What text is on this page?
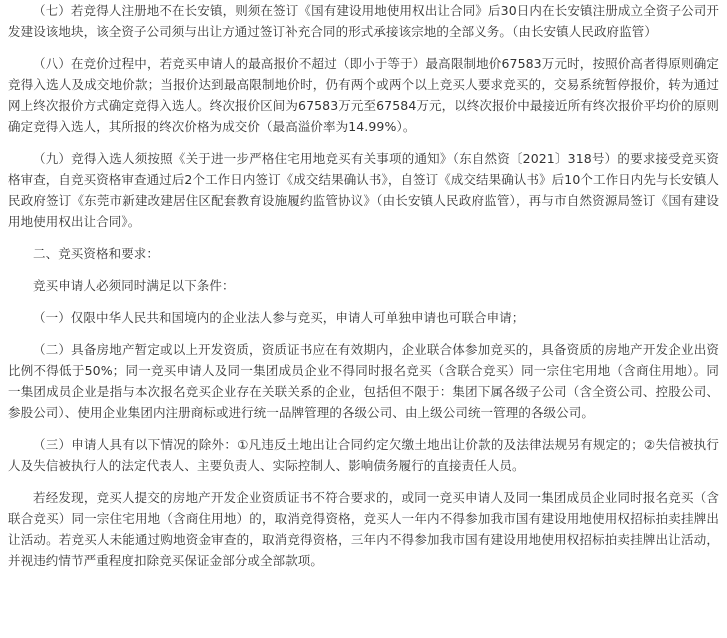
（七）若竞得人注册地不在长安镇，则须在签订《国有建设用地使用权出让合同》后30日内在长安镇注册成立全资子公司开发建设该地块，该全资子公司须与出让方通过签订补充合同的形式承接该宗地的全部义务。（由长安镇人民政府监管）

（八）在竞价过程中，若竞买申请人的最高报价不超过（即小于等于）最高限制地价67583万元时，按照价高者得原则确定竞得入选人及成交地价款；当报价达到最高限制地价时，仍有两个或两个以上竞买人要求竞买的，交易系统暂停报价，转为通过网上终次报价方式确定竞得入选人。终次报价区间为67583万元至67584万元，以终次报价中最接近所有终次报价平均价的原则确定竞得入选人，其所报的终次价格为成交价（最高溢价率为14.99%）。

（九）竞得入选人须按照《关于进一步严格住宅用地竞买有关事项的通知》（东自然资〔2021〕318号）的要求接受竞买资格审查，自竞买资格审查通过后2个工作日内签订《成交结果确认书》，自签订《成交结果确认书》后10个工作日内先与长安镇人民政府签订《东莞市新建改建居住区配套教育设施履约监管协议》（由长安镇人民政府监管），再与市自然资源局签订《国有建设用地使用权出让合同》。

二、竞买资格和要求：

竞买申请人必须同时满足以下条件：

（一）仅限中华人民共和国境内的企业法人参与竞买，申请人可单独申请也可联合申请；

（二）具备房地产暂定或以上开发资质，资质证书应在有效期内，企业联合体参加竞买的，具备资质的房地产开发企业出资比例不得低于50%；同一竞买申请人及同一集团成员企业不得同时报名竞买（含联合竞买）同一宗住宅用地（含商住用地）。同一集团成员企业是指与本次报名竞买企业存在关联关系的企业，包括但不限于：集团下属各级子公司（含全资公司、控股公司、参股公司）、使用企业集团内注册商标或进行统一品牌管理的各级公司、由上级公司统一管理的各级公司。

（三）申请人具有以下情况的除外：①凡违反土地出让合同约定欠缴土地出让价款的及法律法规另有规定的；②失信被执行人及失信被执行人的法定代表人、主要负责人、实际控制人、影响债务履行的直接责任人员。

若经发现，竞买人提交的房地产开发企业资质证书不符合要求的，或同一竞买申请人及同一集团成员企业同时报名竞买（含联合竞买）同一宗住宅用地（含商住用地）的，取消竞得资格，竞买人一年内不得参加我市国有建设用地使用权招标拍卖挂牌出让活动。若竞买人未能通过购地资金审查的，取消竞得资格，三年内不得参加我市国有建设用地使用权招标拍卖挂牌出让活动，并视违约情节严重程度扣除竞买保证金部分或全部款项。
